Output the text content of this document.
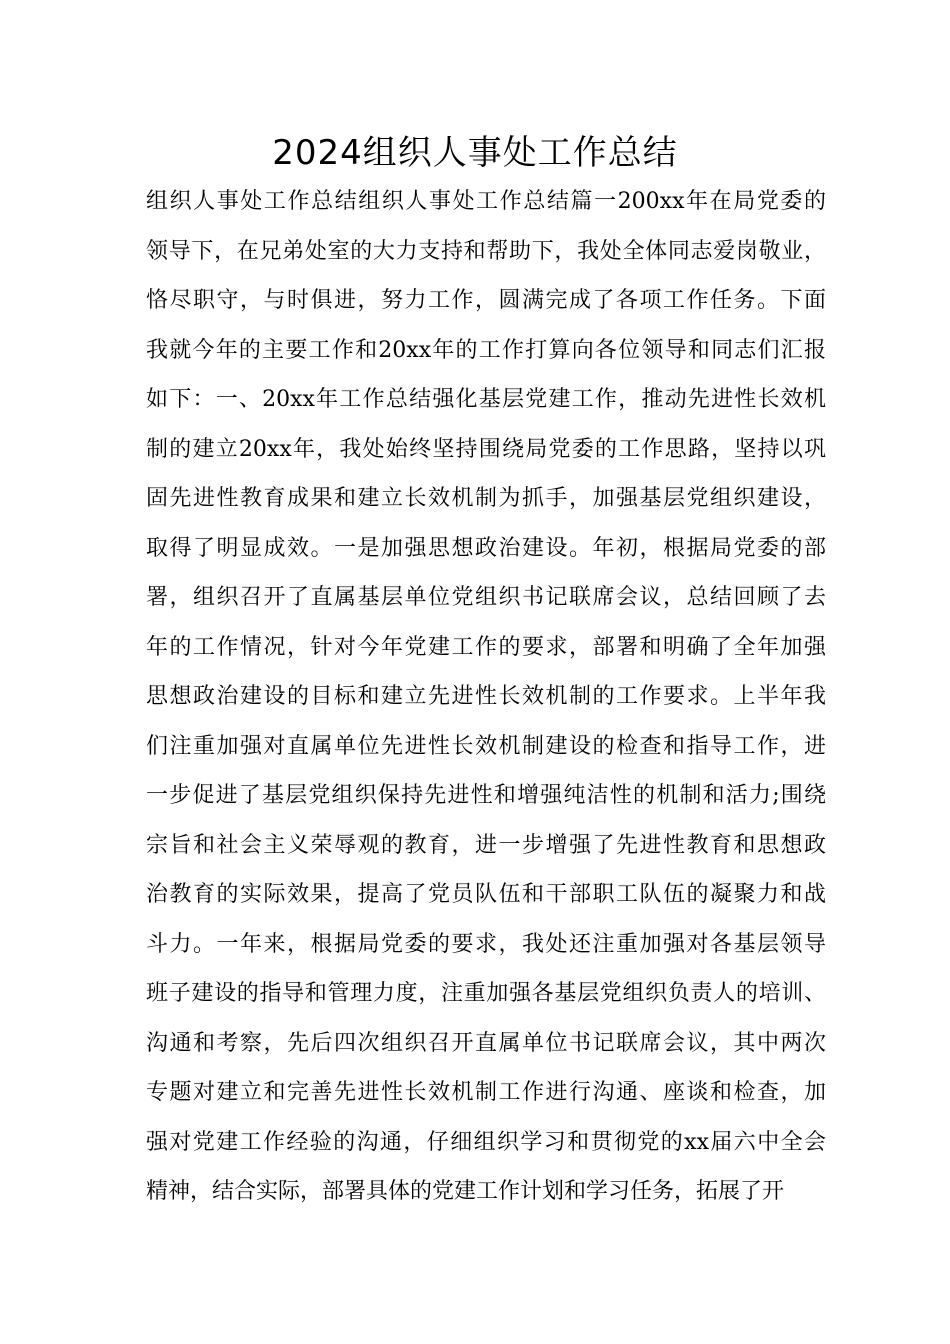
2024组织人事处工作总结
组织人事处工作总结组织人事处工作总结篇一200xx年在局党委的
领导下，在兄弟处室的大力支持和帮助下，我处全体同志爱岗敬业，
恪尽职守，与时俱进，努力工作，圆满完成了各项工作任务。下面
我就今年的主要工作和20xx年的工作打算向各位领导和同志们汇报
如下：一、20xx年工作总结强化基层党建工作，推动先进性长效机
制的建立20xx年，我处始终坚持围绕局党委的工作思路，坚持以巩
固先进性教育成果和建立长效机制为抓手，加强基层党组织建设，
取得了明显成效。一是加强思想政治建设。年初，根据局党委的部
署，组织召开了直属基层单位党组织书记联席会议，总结回顾了去
年的工作情况，针对今年党建工作的要求，部署和明确了全年加强
思想政治建设的目标和建立先进性长效机制的工作要求。上半年我
们注重加强对直属单位先进性长效机制建设的检查和指导工作，进
一步促进了基层党组织保持先进性和增强纯洁性的机制和活力;围绕
宗旨和社会主义荣辱观的教育，进一步增强了先进性教育和思想政
治教育的实际效果，提高了党员队伍和干部职工队伍的凝聚力和战
斗力。一年来，根据局党委的要求，我处还注重加强对各基层领导
班子建设的指导和管理力度，注重加强各基层党组织负责人的培训、
沟通和考察，先后四次组织召开直属单位书记联席会议，其中两次
专题对建立和完善先进性长效机制工作进行沟通、座谈和检查，加
强对党建工作经验的沟通，仔细组织学习和贯彻党的xx届六中全会
精神，结合实际，部署具体的党建工作计划和学习任务，拓展了开
